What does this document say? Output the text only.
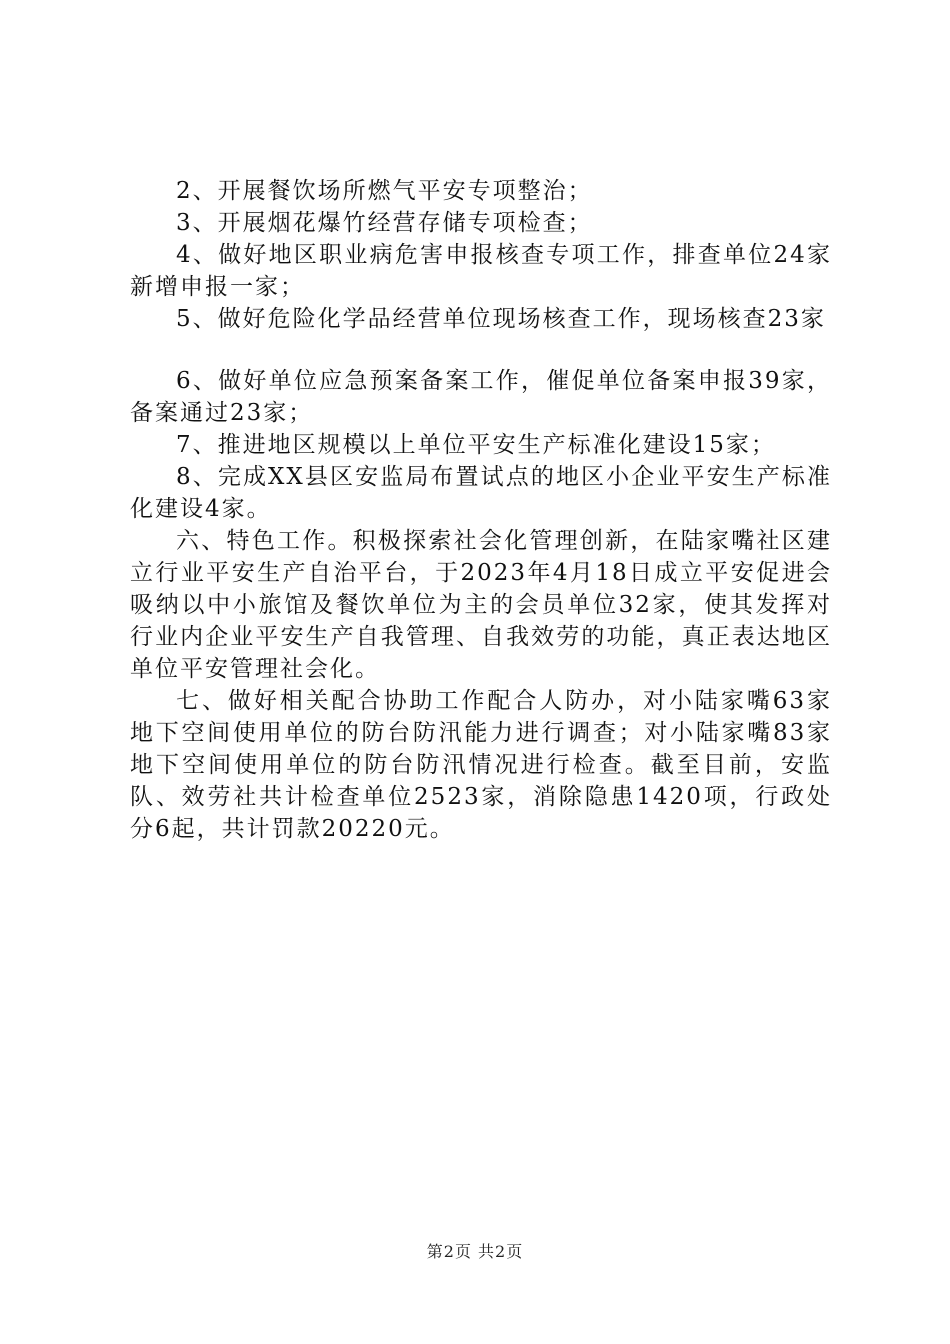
2、开展餐饮场所燃气平安专项整治；

3、开展烟花爆竹经营存储专项检查；

4、做好地区职业病危害申报核查专项工作，排查单位24家新增申报一家；

5、做好危险化学品经营单位现场核查工作，现场核查23家

6、做好单位应急预案备案工作，催促单位备案申报39家，备案通过23家；

7、推进地区规模以上单位平安生产标准化建设15家；

8、完成XX县区安监局布置试点的地区小企业平安生产标准化建设4家。

六、特色工作。积极探索社会化管理创新，在陆家嘴社区建立行业平安生产自治平台，于2023年4月18日成立平安促进会吸纳以中小旅馆及餐饮单位为主的会员单位32家，使其发挥对行业内企业平安生产自我管理、自我效劳的功能，真正表达地区单位平安管理社会化。

七、做好相关配合协助工作配合人防办，对小陆家嘴63家地下空间使用单位的防台防汛能力进行调查；对小陆家嘴83家地下空间使用单位的防台防汛情况进行检查。截至目前，安监队、效劳社共计检查单位2523家，消除隐患1420项，行政处分6起，共计罚款20220元。

第2页 共2页
